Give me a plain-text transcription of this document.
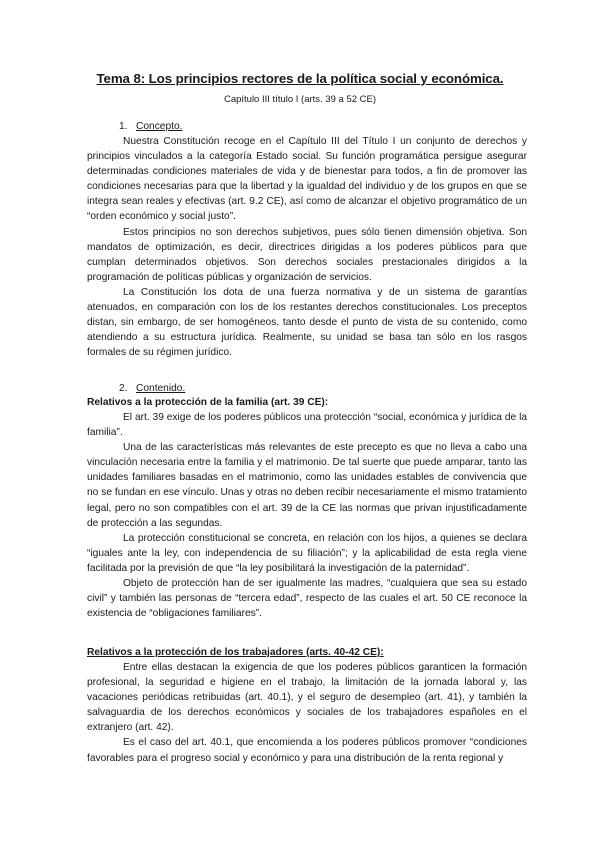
Tema 8: Los principios rectores de la política social y económica.
Capítulo III título I (arts. 39 a 52 CE)
1. Concepto.

Nuestra Constitución recoge en el Capítulo III del Título I un conjunto de derechos y principios vinculados a la categoría Estado social. Su función programática persigue asegurar determinadas condiciones materiales de vida y de bienestar para todos, a fin de promover las condiciones necesarias para que la libertad y la igualdad del individuo y de los grupos en que se integra sean reales y efectivas (art. 9.2 CE), así como de alcanzar el objetivo programático de un “orden económico y social justo”.

Estos principios no son derechos subjetivos, pues sólo tienen dimensión objetiva. Son mandatos de optimización, es decir, directrices dirigidas a los poderes públicos para que cumplan determinados objetivos. Son derechos sociales prestacionales dirigidos a la programación de políticas públicas y organización de servicios.

La Constitución los dota de una fuerza normativa y de un sistema de garantías atenuados, en comparación con los de los restantes derechos constitucionales. Los preceptos distan, sin embargo, de ser homogéneos, tanto desde el punto de vista de su contenido, como atendiendo a su estructura jurídica. Realmente, su unidad se basa tan sólo en los rasgos formales de su régimen jurídico.

2. Contenido.
Relativos a la protección de la familia (art. 39 CE):

El art. 39 exige de los poderes públicos una protección “social, económica y jurídica de la familia”.

Una de las características más relevantes de este precepto es que no lleva a cabo una vinculación necesaria entre la familia y el matrimonio. De tal suerte que puede amparar, tanto las unidades familiares basadas en el matrimonio, como las unidades estables de convivencia que no se fundan en ese vínculo. Unas y otras no deben recibir necesariamente el mismo tratamiento legal, pero no son compatibles con el art. 39 de la CE las normas que privan injustificadamente de protección a las segundas.

La protección constitucional se concreta, en relación con los hijos, a quienes se declara “iguales ante la ley, con independencia de su filiación”; y la aplicabilidad de esta regla viene facilitada por la previsión de que “la ley posibilitará la investigación de la paternidad”.

Objeto de protección han de ser igualmente las madres, “cualquiera que sea su estado civil” y también las personas de “tercera edad”, respecto de las cuales el art. 50 CE reconoce la existencia de “obligaciones familiares”.

Relativos a la protección de los trabajadores (arts. 40-42 CE):

Entre ellas destacan la exigencia de que los poderes públicos garanticen la formación profesional, la seguridad e higiene en el trabajo, la limitación de la jornada laboral y, las vacaciones periódicas retribuidas (art. 40.1), y el seguro de desempleo (art. 41), y también la salvaguardia de los derechos económicos y sociales de los trabajadores españoles en el extranjero (art. 42).

Es el caso del art. 40.1, que encomienda a los poderes públicos promover “condiciones favorables para el progreso social y económico y para una distribución de la renta regional y
